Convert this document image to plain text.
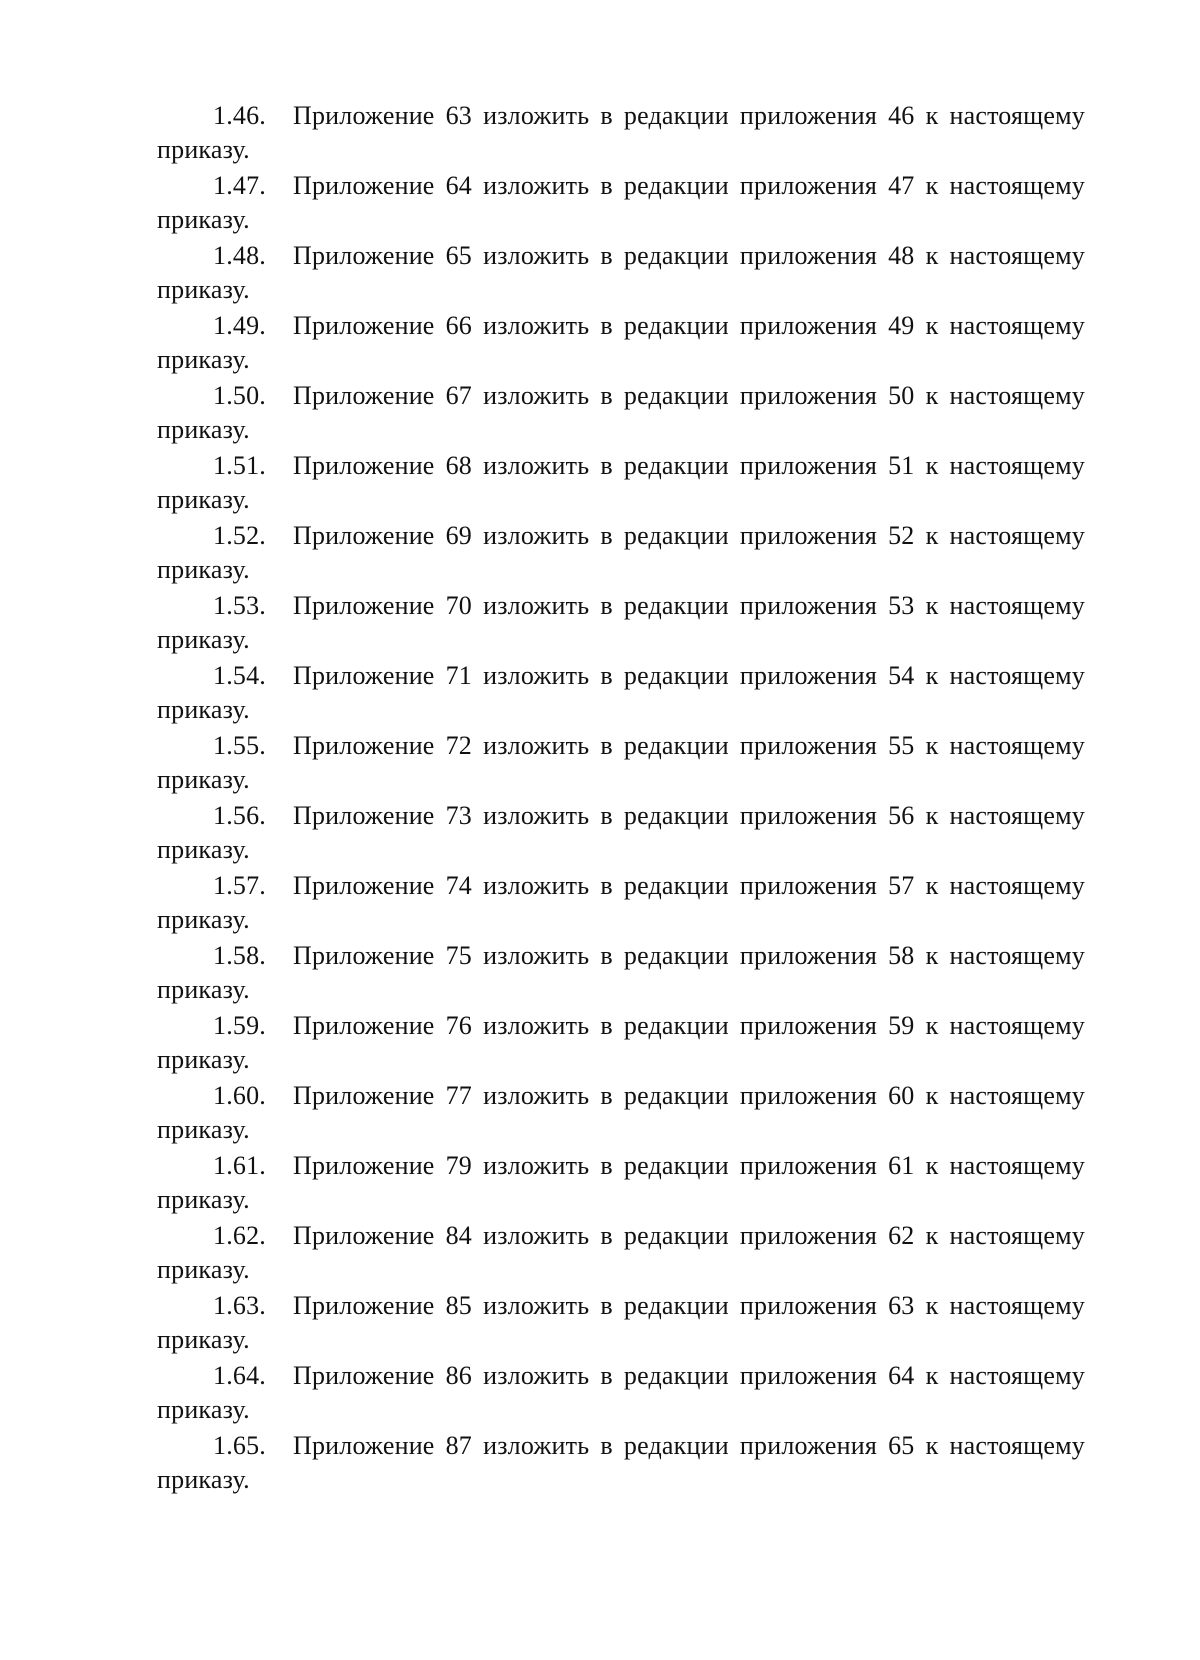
1.46. Приложение 63 изложить в редакции приложения 46 к настоящему
приказу.
1.47. Приложение 64 изложить в редакции приложения 47 к настоящему
приказу.
1.48. Приложение 65 изложить в редакции приложения 48 к настоящему
приказу.
1.49. Приложение 66 изложить в редакции приложения 49 к настоящему
приказу.
1.50. Приложение 67 изложить в редакции приложения 50 к настоящему
приказу.
1.51. Приложение 68 изложить в редакции приложения 51 к настоящему
приказу.
1.52. Приложение 69 изложить в редакции приложения 52 к настоящему
приказу.
1.53. Приложение 70 изложить в редакции приложения 53 к настоящему
приказу.
1.54. Приложение 71 изложить в редакции приложения 54 к настоящему
приказу.
1.55. Приложение 72 изложить в редакции приложения 55 к настоящему
приказу.
1.56. Приложение 73 изложить в редакции приложения 56 к настоящему
приказу.
1.57. Приложение 74 изложить в редакции приложения 57 к настоящему
приказу.
1.58. Приложение 75 изложить в редакции приложения 58 к настоящему
приказу.
1.59. Приложение 76 изложить в редакции приложения 59 к настоящему
приказу.
1.60. Приложение 77 изложить в редакции приложения 60 к настоящему
приказу.
1.61. Приложение 79 изложить в редакции приложения 61 к настоящему
приказу.
1.62. Приложение 84 изложить в редакции приложения 62 к настоящему
приказу.
1.63. Приложение 85 изложить в редакции приложения 63 к настоящему
приказу.
1.64. Приложение 86 изложить в редакции приложения 64 к настоящему
приказу.
1.65. Приложение 87 изложить в редакции приложения 65 к настоящему
приказу.
